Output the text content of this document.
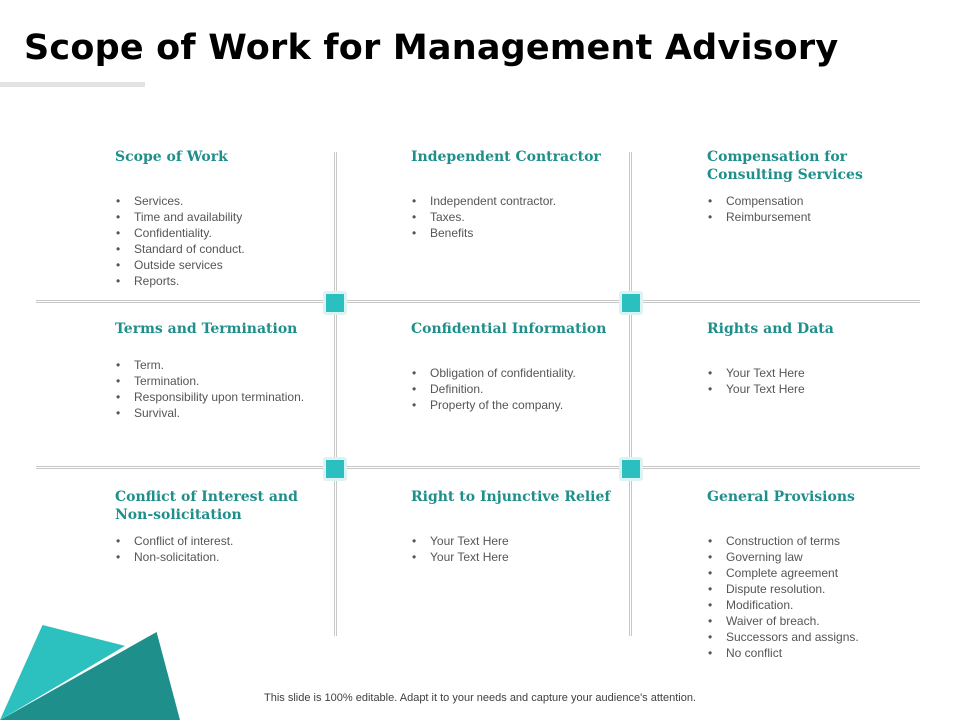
Scope of Work for Management Advisory
Scope of Work
• Services.
• Time and availability
• Confidentiality.
• Standard of conduct.
• Outside services
• Reports.
Independent Contractor
• Independent contractor.
• Taxes.
• Benefits
Compensation for Consulting Services
• Compensation
• Reimbursement
Terms and Termination
• Term.
• Termination.
• Responsibility upon termination.
• Survival.
Confidential Information
• Obligation of confidentiality.
• Definition.
• Property of the company.
Rights and Data
• Your Text Here
• Your Text Here
Conflict of Interest and Non-solicitation
• Conflict of interest.
• Non-solicitation.
Right to Injunctive Relief
• Your Text Here
• Your Text Here
General Provisions
• Construction of terms
• Governing law
• Complete agreement
• Dispute resolution.
• Modification.
• Waiver of breach.
• Successors and assigns.
• No conflict
This slide is 100% editable. Adapt it to your needs and capture your audience's attention.
